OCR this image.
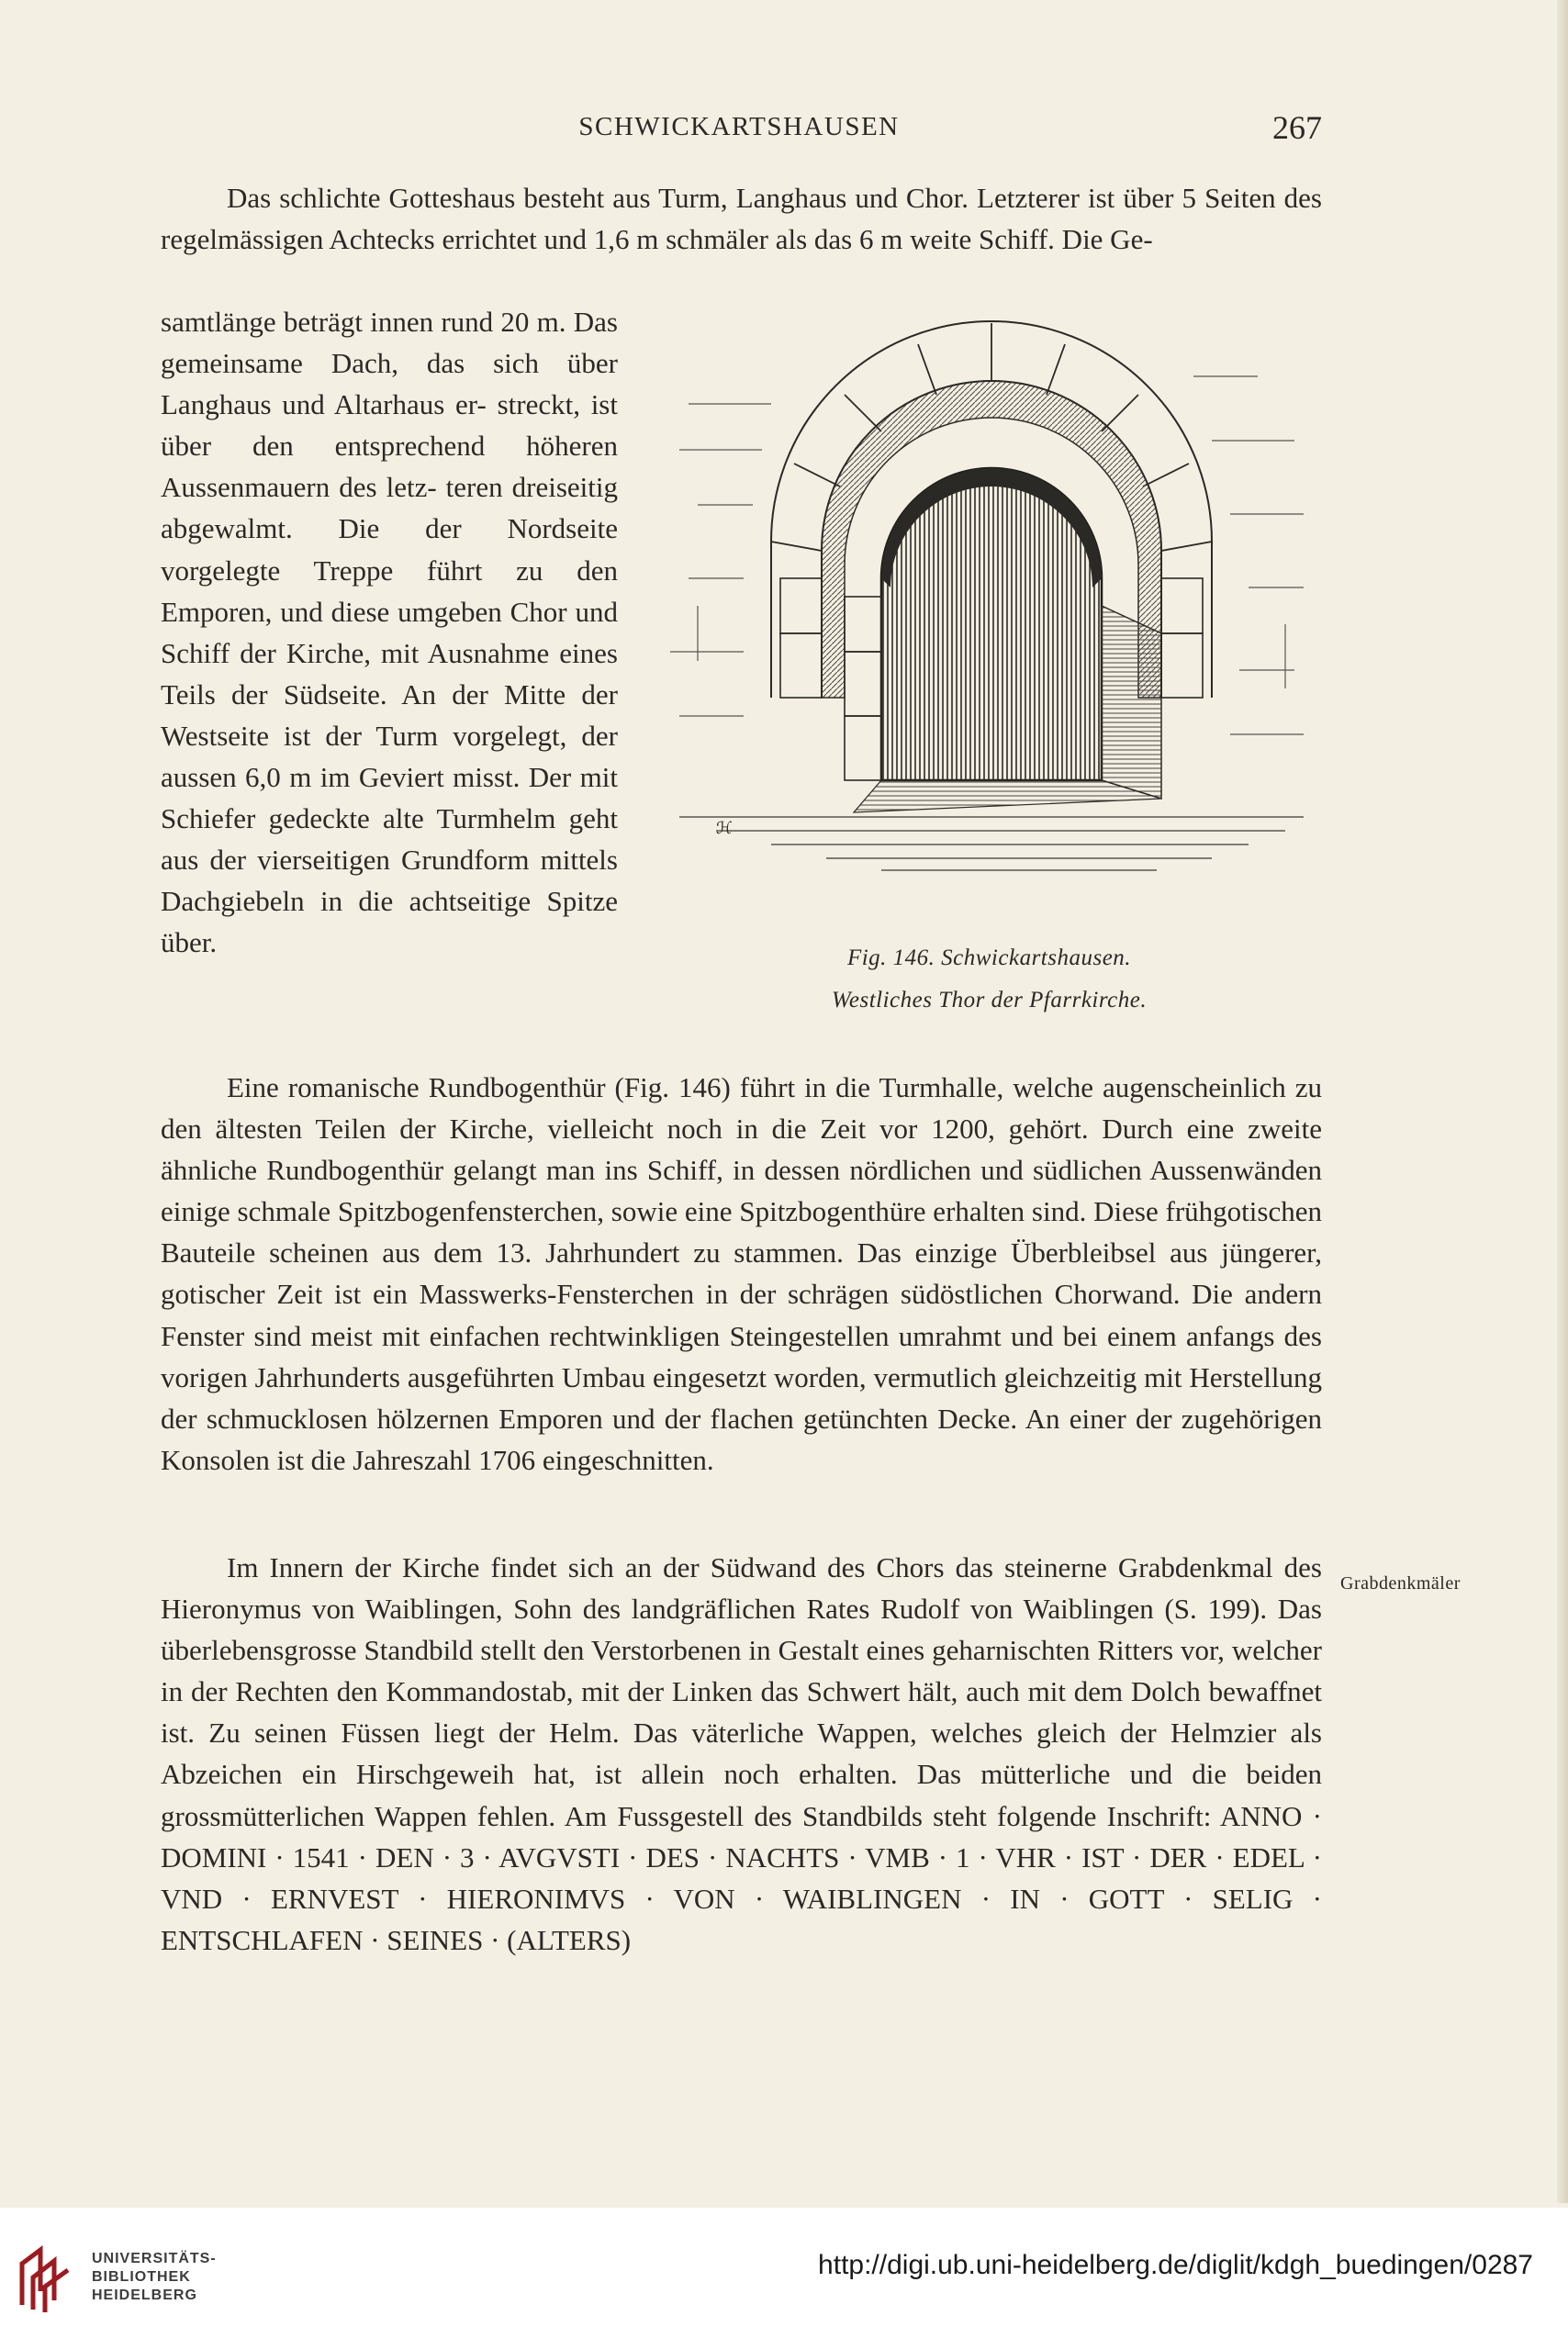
SCHWICKARTSHAUSEN	267

Das schlichte Gotteshaus besteht aus Turm, Langhaus und Chor. Letzterer ist über 5 Seiten des regelmässigen Achtecks errichtet und 1,6 m schmäler als das 6 m weite Schiff. Die Ge-

samtlänge beträgt innen rund 20 m. Das gemeinsame Dach, das sich über Langhaus und Altarhaus er- streckt, ist über den entsprechend höheren Aussenmauern des letz- teren dreiseitig abgewalmt. Die der Nordseite vorgelegte Treppe führt zu den Emporen, und diese umgeben Chor und Schiff der Kirche, mit Ausnahme eines Teils der Südseite. An der Mitte der Westseite ist der Turm vorgelegt, der aussen 6,0 m im Geviert misst. Der mit Schiefer gedeckte alte Turmhelm geht aus der vierseitigen Grundform mittels Dachgiebeln in die achtseitige Spitze über.

ℋ
Fig. 146. Schwickartshausen.
Westliches Thor der Pfarrkirche.

Eine romanische Rundbogenthür (Fig. 146) führt in die Turmhalle, welche augenscheinlich zu den ältesten Teilen der Kirche, vielleicht noch in die Zeit vor 1200, gehört. Durch eine zweite ähnliche Rundbogenthür gelangt man ins Schiff, in dessen nördlichen und südlichen Aussenwänden einige schmale Spitzbogenfensterchen, sowie eine Spitzbogenthüre erhalten sind. Diese frühgotischen Bauteile scheinen aus dem 13. Jahrhundert zu stammen. Das einzige Überbleibsel aus jüngerer, gotischer Zeit ist ein Masswerks-Fensterchen in der schrägen südöstlichen Chorwand. Die andern Fenster sind meist mit einfachen rechtwinkligen Steingestellen umrahmt und bei einem anfangs des vorigen Jahrhunderts ausgeführten Umbau eingesetzt worden, vermutlich gleichzeitig mit Herstellung der schmucklosen hölzernen Emporen und der flachen getünchten Decke. An einer der zugehörigen Konsolen ist die Jahreszahl 1706 eingeschnitten.

Im Innern der Kirche findet sich an der Südwand des Chors das steinerne Grabdenkmal des Hieronymus von Waiblingen, Sohn des landgräflichen Rates Rudolf von Waiblingen (S. 199). Das überlebensgrosse Standbild stellt den Verstorbenen in Gestalt eines geharnischten Ritters vor, welcher in der Rechten den Kommandostab, mit der Linken das Schwert hält, auch mit dem Dolch bewaffnet ist. Zu seinen Füssen liegt der Helm. Das väterliche Wappen, welches gleich der Helmzier als Abzeichen ein Hirschgeweih hat, ist allein noch erhalten. Das mütterliche und die beiden grossmütterlichen Wappen fehlen. Am Fussgestell des Standbilds steht folgende Inschrift: ANNO · DOMINI · 1541 · DEN · 3 · AVGVSTI · DES · NACHTS · VMB · 1 · VHR · IST · DER · EDEL · VND · ERNVEST · HIERONIMVS · VON · WAIBLINGEN · IN · GOTT · SELIG · ENTSCHLAFEN · SEINES · (ALTERS)

Grabdenkmäler
UNIVERSITÄTS-
BIBLIOTHEK
HEIDELBERG
http://digi.ub.uni-heidelberg.de/diglit/kdgh_buedingen/0287
